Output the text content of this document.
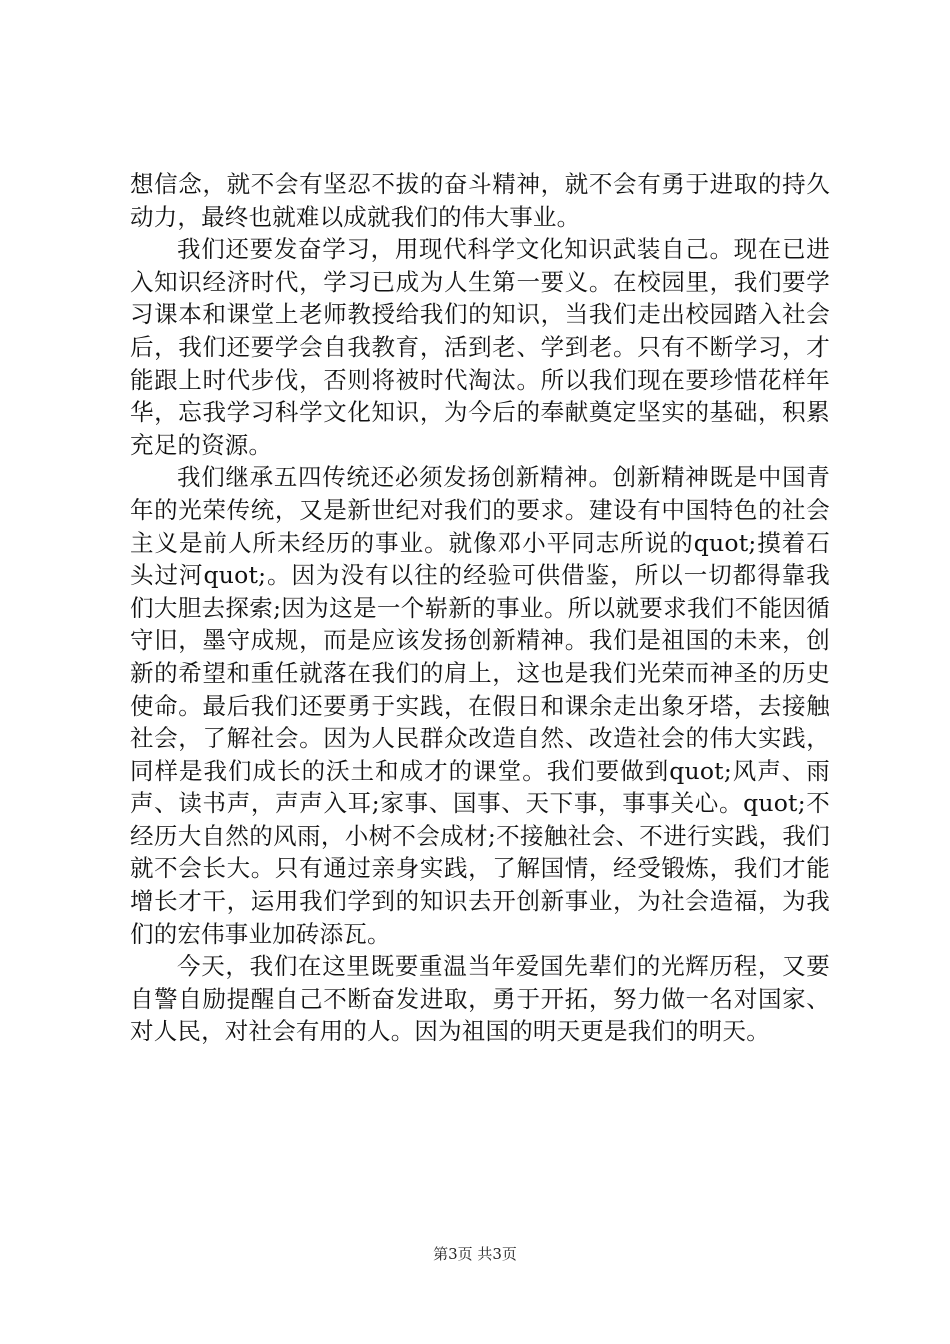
想信念，就不会有坚忍不拔的奋斗精神，就不会有勇于进取的持久动力，最终也就难以成就我们的伟大事业。

我们还要发奋学习，用现代科学文化知识武装自己。现在已进入知识经济时代，学习已成为人生第一要义。在校园里，我们要学习课本和课堂上老师教授给我们的知识，当我们走出校园踏入社会后，我们还要学会自我教育，活到老、学到老。只有不断学习，才能跟上时代步伐，否则将被时代淘汰。所以我们现在要珍惜花样年华，忘我学习科学文化知识，为今后的奉献奠定坚实的基础，积累充足的资源。

我们继承五四传统还必须发扬创新精神。创新精神既是中国青年的光荣传统，又是新世纪对我们的要求。建设有中国特色的社会主义是前人所未经历的事业。就像邓小平同志所说的quot;摸着石头过河quot;。因为没有以往的经验可供借鉴，所以一切都得靠我们大胆去探索;因为这是一个崭新的事业。所以就要求我们不能因循守旧，墨守成规，而是应该发扬创新精神。我们是祖国的未来，创新的希望和重任就落在我们的肩上，这也是我们光荣而神圣的历史使命。最后我们还要勇于实践，在假日和课余走出象牙塔，去接触社会，了解社会。因为人民群众改造自然、改造社会的伟大实践，同样是我们成长的沃土和成才的课堂。我们要做到quot;风声、雨声、读书声，声声入耳;家事、国事、天下事，事事关心。quot;不经历大自然的风雨，小树不会成材;不接触社会、不进行实践，我们就不会长大。只有通过亲身实践，了解国情，经受锻炼，我们才能增长才干，运用我们学到的知识去开创新事业，为社会造福，为我们的宏伟事业加砖添瓦。

今天，我们在这里既要重温当年爱国先辈们的光辉历程，又要自警自励提醒自己不断奋发进取，勇于开拓，努力做一名对国家、对人民，对社会有用的人。因为祖国的明天更是我们的明天。

第3页 共3页
